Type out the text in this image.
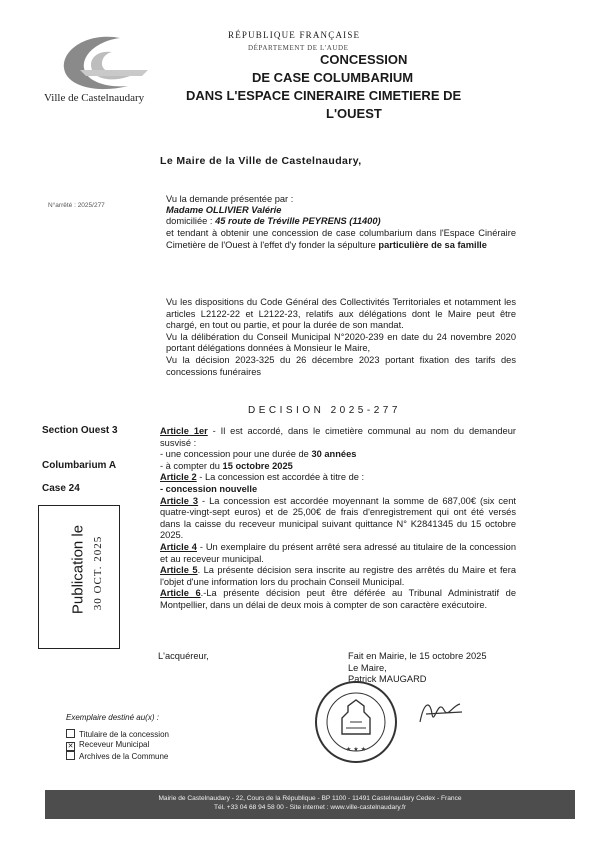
Ville de Castelnaudary
RÉPUBLIQUE FRANÇAISE
DÉPARTEMENT DE L'AUDE
CONCESSION
DE CASE COLUMBARIUM
DANS L'ESPACE CINERAIRE CIMETIERE DE
L'OUEST
Le Maire de la Ville de Castelnaudary,
N°arrêté : 2025/277
Vu la demande présentée par :
Madame OLLIVIER Valérie
domiciliée : 45 route de Tréville PEYRENS (11400)
et tendant à obtenir une concession de case columbarium dans l'Espace Cinéraire Cimetière de l'Ouest à l'effet d'y fonder la sépulture particulière de sa famille
Vu les dispositions du Code Général des Collectivités Territoriales et notamment les articles L2122-22 et L2122-23, relatifs aux délégations dont le Maire peut être chargé, en tout ou partie, et pour la durée de son mandat.
Vu la délibération du Conseil Municipal N°2020-239 en date du 24 novembre 2020 portant délégations données à Monsieur le Maire,
Vu la décision 2023-325 du 26 décembre 2023 portant fixation des tarifs des concessions funéraires
DECISION 2025-277
Section Ouest 3
Columbarium A
Case 24
Publication le 30 OCT. 2025
Article 1er - Il est accordé, dans le cimetière communal au nom du demandeur susvisé :
- une concession pour une durée de 30 années
- à compter du 15 octobre 2025
Article 2 - La concession est accordée à titre de :
- concession nouvelle
Article 3 - La concession est accordée moyennant la somme de 687,00€ (six cent quatre-vingt-sept euros) et de 25,00€ de frais d'enregistrement qui ont été versés dans la caisse du receveur municipal suivant quittance N° K2841345 du 15 octobre 2025.
Article 4 - Un exemplaire du présent arrêté sera adressé au titulaire de la concession et au receveur municipal.
Article 5. La présente décision sera inscrite au registre des arrêtés du Maire et fera l'objet d'une information lors du prochain Conseil Municipal.
Article 6.-La présente décision peut être déférée au Tribunal Administratif de Montpellier, dans un délai de deux mois à compter de son caractère exécutoire.
L'acquéreur,	Fait en Mairie, le 15 octobre 2025
Le Maire,
Patrick MAUGARD
★ ★ ★
Exemplaire destiné au(x) :
Titulaire de la concession
✕ Receveur Municipal
Archives de la Commune
Mairie de Castelnaudary - 22, Cours de la République - BP 1100 - 11491 Castelnaudary Cedex - France
Tél. +33 04 68 94 58 00 - Site internet : www.ville-castelnaudary.fr
